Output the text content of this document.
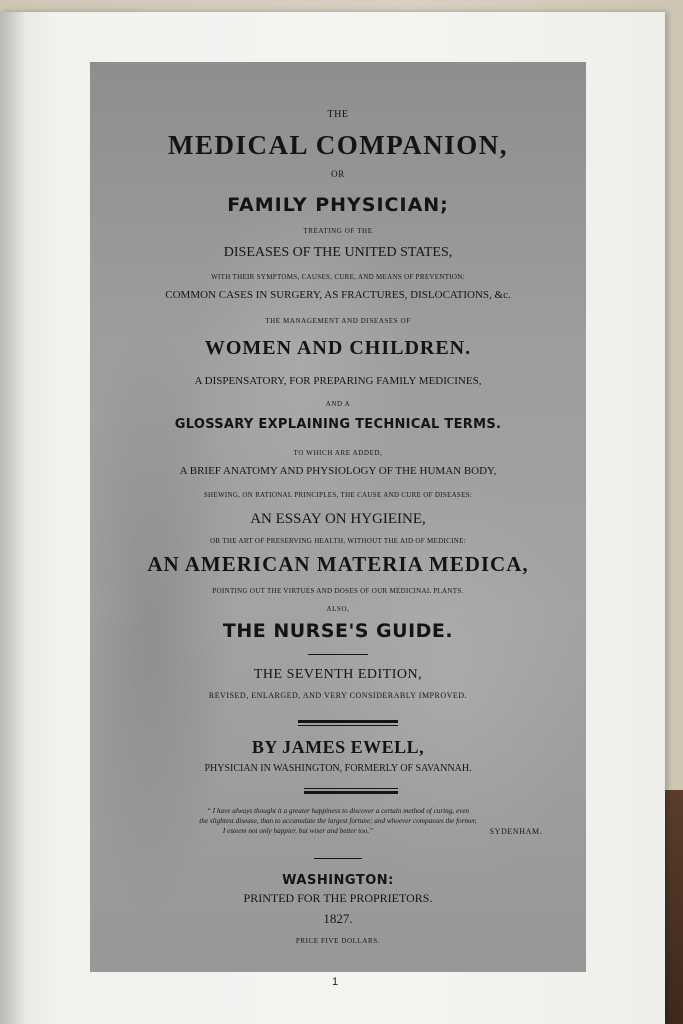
THE
MEDICAL COMPANION,
OR
FAMILY PHYSICIAN;
TREATING OF THE
DISEASES OF THE UNITED STATES,
WITH THEIR SYMPTOMS, CAUSES, CURE, AND MEANS OF PREVENTION:
COMMON CASES IN SURGERY, AS FRACTURES, DISLOCATIONS, &c.
THE MANAGEMENT AND DISEASES OF
WOMEN AND CHILDREN.
A DISPENSATORY, FOR PREPARING FAMILY MEDICINES,
AND A
GLOSSARY EXPLAINING TECHNICAL TERMS.
TO WHICH ARE ADDED,
A BRIEF ANATOMY AND PHYSIOLOGY OF THE HUMAN BODY,
SHEWING, ON RATIONAL PRINCIPLES, THE CAUSE AND CURE OF DISEASES:
AN ESSAY ON HYGIEINE,
OR THE ART OF PRESERVING HEALTH, WITHOUT THE AID OF MEDICINE:
AN AMERICAN MATERIA MEDICA,
POINTING OUT THE VIRTUES AND DOSES OF OUR MEDICINAL PLANTS.
ALSO,
THE NURSE'S GUIDE.
THE SEVENTH EDITION,
REVISED, ENLARGED, AND VERY CONSIDERABLY IMPROVED.
BY JAMES EWELL,
PHYSICIAN IN WASHINGTON, FORMERLY OF SAVANNAH.
“ I have always thought it a greater happiness to discover a certain method of curing, even
the slightest disease, than to accumulate the largest fortune; and whoever compasses the former,
I esteem not only happier, but wiser and better too.”	SYDENHAM.
WASHINGTON:
PRINTED FOR THE PROPRIETORS.
1827.
PRICE FIVE DOLLARS.
1
